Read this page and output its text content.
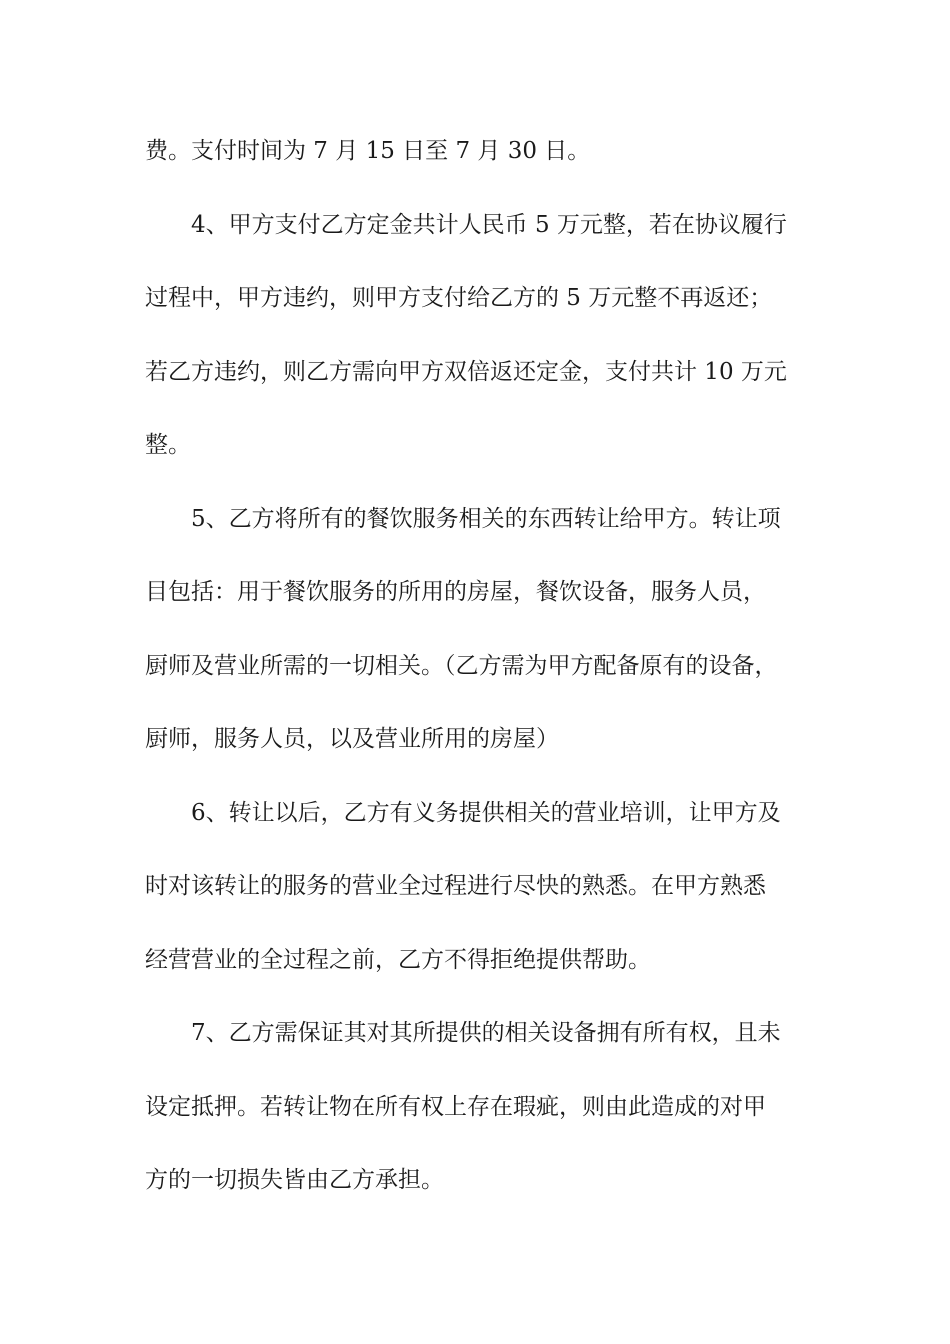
费。支付时间为 7 月 15 日至 7 月 30 日。
4、甲方支付乙方定金共计人民币 5 万元整，若在协议履行
过程中，甲方违约，则甲方支付给乙方的 5 万元整不再返还；
若乙方违约，则乙方需向甲方双倍返还定金，支付共计 10 万元
整。
5、乙方将所有的餐饮服务相关的东西转让给甲方。转让项
目包括：用于餐饮服务的所用的房屋，餐饮设备，服务人员，
厨师及营业所需的一切相关。（乙方需为甲方配备原有的设备，
厨师，服务人员，以及营业所用的房屋）
6、转让以后，乙方有义务提供相关的营业培训，让甲方及
时对该转让的服务的营业全过程进行尽快的熟悉。在甲方熟悉
经营营业的全过程之前，乙方不得拒绝提供帮助。
7、乙方需保证其对其所提供的相关设备拥有所有权，且未
设定抵押。若转让物在所有权上存在瑕疵，则由此造成的对甲
方的一切损失皆由乙方承担。
